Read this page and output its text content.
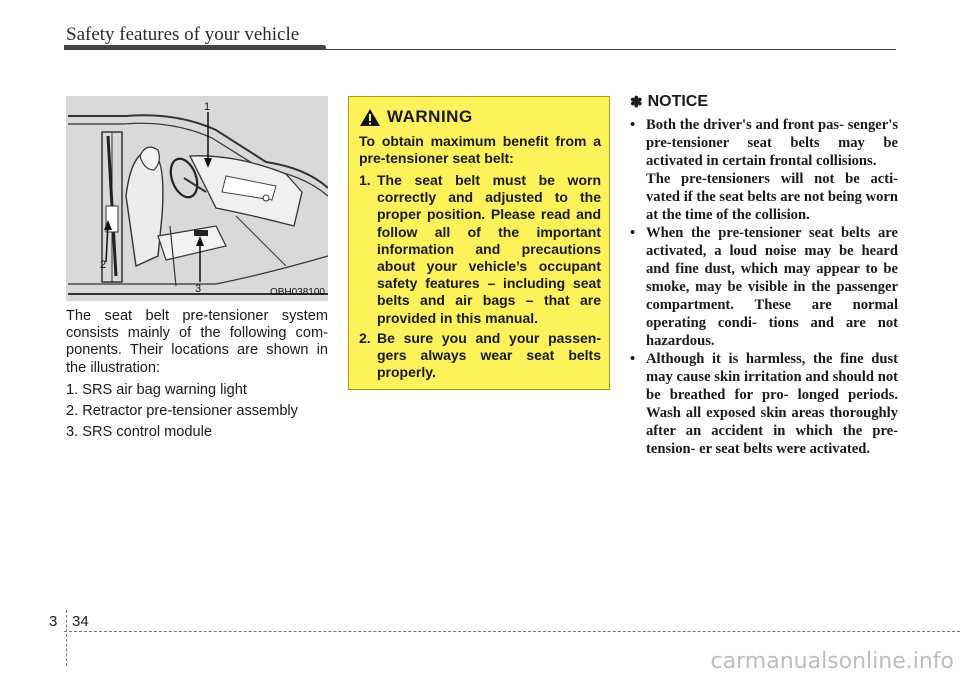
Safety features of your vehicle
1
2
3	OBH038100

The seat belt pre-tensioner system consists mainly of the following com- ponents. Their locations are shown in the illustration:

1. SRS air bag warning light
2. Retractor pre-tensioner assembly
3. SRS control module
WARNING

To obtain maximum benefit from a pre-tensioner seat belt:

1. The seat belt must be worn correctly and adjusted to the proper position. Please read and follow all of the important information and precautions about your vehicle’s occupant safety features – including seat belts and air bags – that are provided in this manual.
2. Be sure you and your passen- gers always wear seat belts properly.
✽ NOTICE
• Both the driver's and front pas- senger's pre-tensioner seat belts may be activated in certain frontal collisions.

The pre-tensioners will not be acti- vated if the seat belts are not being worn at the time of the collision.

• When the pre-tensioner seat belts are activated, a loud noise may be heard and fine dust, which may appear to be smoke, may be visible in the passenger compartment. These are normal operating condi- tions and are not hazardous.
• Although it is harmless, the fine dust may cause skin irritation and should not be breathed for pro- longed periods. Wash all exposed skin areas thoroughly after an accident in which the pre-tension- er seat belts were activated.
3 34
carmanualsonline.info
